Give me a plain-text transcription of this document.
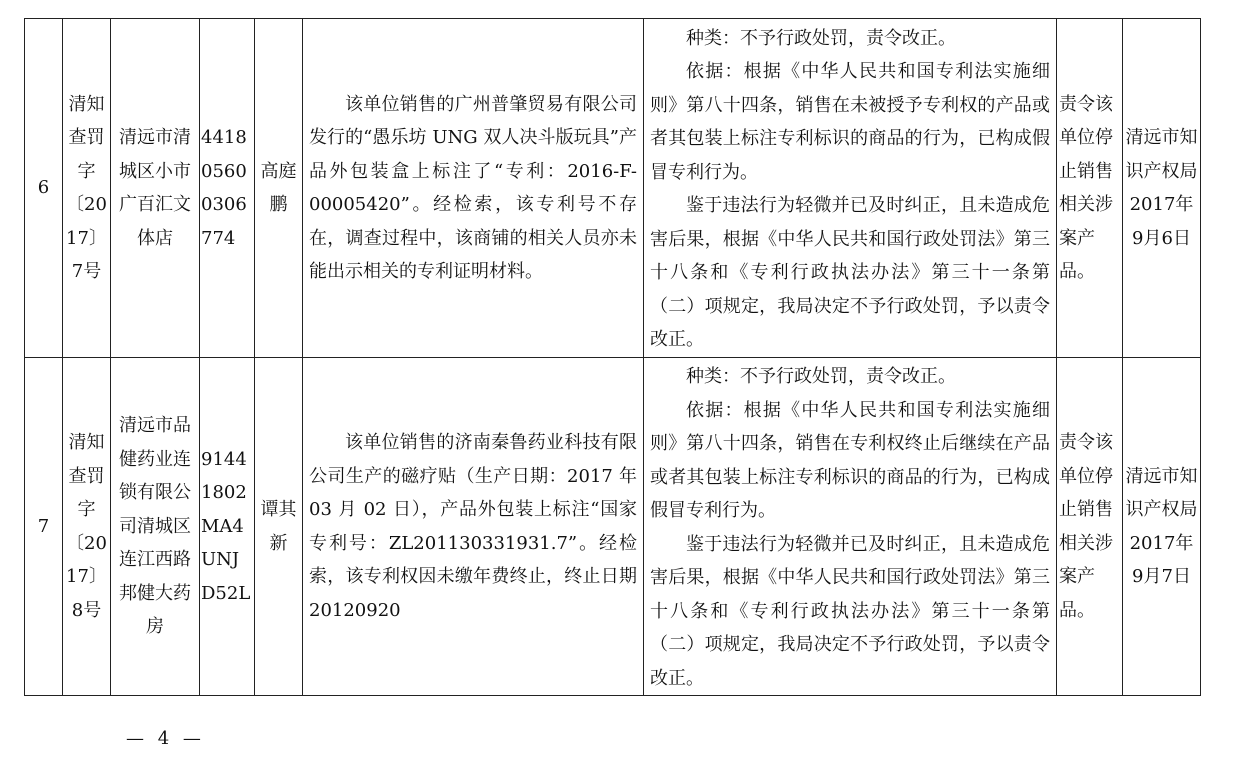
6	清知查罚字〔2017〕7号	清远市清城区小市广百汇文体店	441805600306774	高庭鹏	该单位销售的广州普肇贸易有限公司发行的“愚乐坊 UNG 双人决斗版玩具”产品外包装盒上标注了“专利：2016-F-00005420”。经检索，该专利号不存在，调查过程中，该商铺的相关人员亦未能出示相关的专利证明材料。	种类：不予行政处罚，责令改正。

依据：根据《中华人民共和国专利法实施细则》第八十四条，销售在未被授予专利权的产品或者其包装上标注专利标识的商品的行为，已构成假冒专利行为。

鉴于违法行为轻微并已及时纠正，且未造成危害后果，根据《中华人民共和国行政处罚法》第三十八条和《专利行政执法办法》第三十一条第（二）项规定，我局决定不予行政处罚，予以责令改正。	责令该单位停止销售相关涉案产品。	清远市知识产权局2017年9月6日

7	清知查罚字〔2017〕8号	清远市品健药业连锁有限公司清城区连江西路邦健大药房	91441802MA4UNJD52L	谭其新	该单位销售的济南秦鲁药业科技有限公司生产的磁疗贴（生产日期：2017 年 03 月 02 日），产品外包装上标注“国家专利号：ZL201130331931.7”。经检索，该专利权因未缴年费终止，终止日期 20120920	种类：不予行政处罚，责令改正。

依据：根据《中华人民共和国专利法实施细则》第八十四条，销售在专利权终止后继续在产品或者其包装上标注专利标识的商品的行为，已构成假冒专利行为。

鉴于违法行为轻微并已及时纠正，且未造成危害后果，根据《中华人民共和国行政处罚法》第三十八条和《专利行政执法办法》第三十一条第（二）项规定，我局决定不予行政处罚，予以责令改正。	责令该单位停止销售相关涉案产品。	清远市知识产权局2017年9月7日
— 4 —
